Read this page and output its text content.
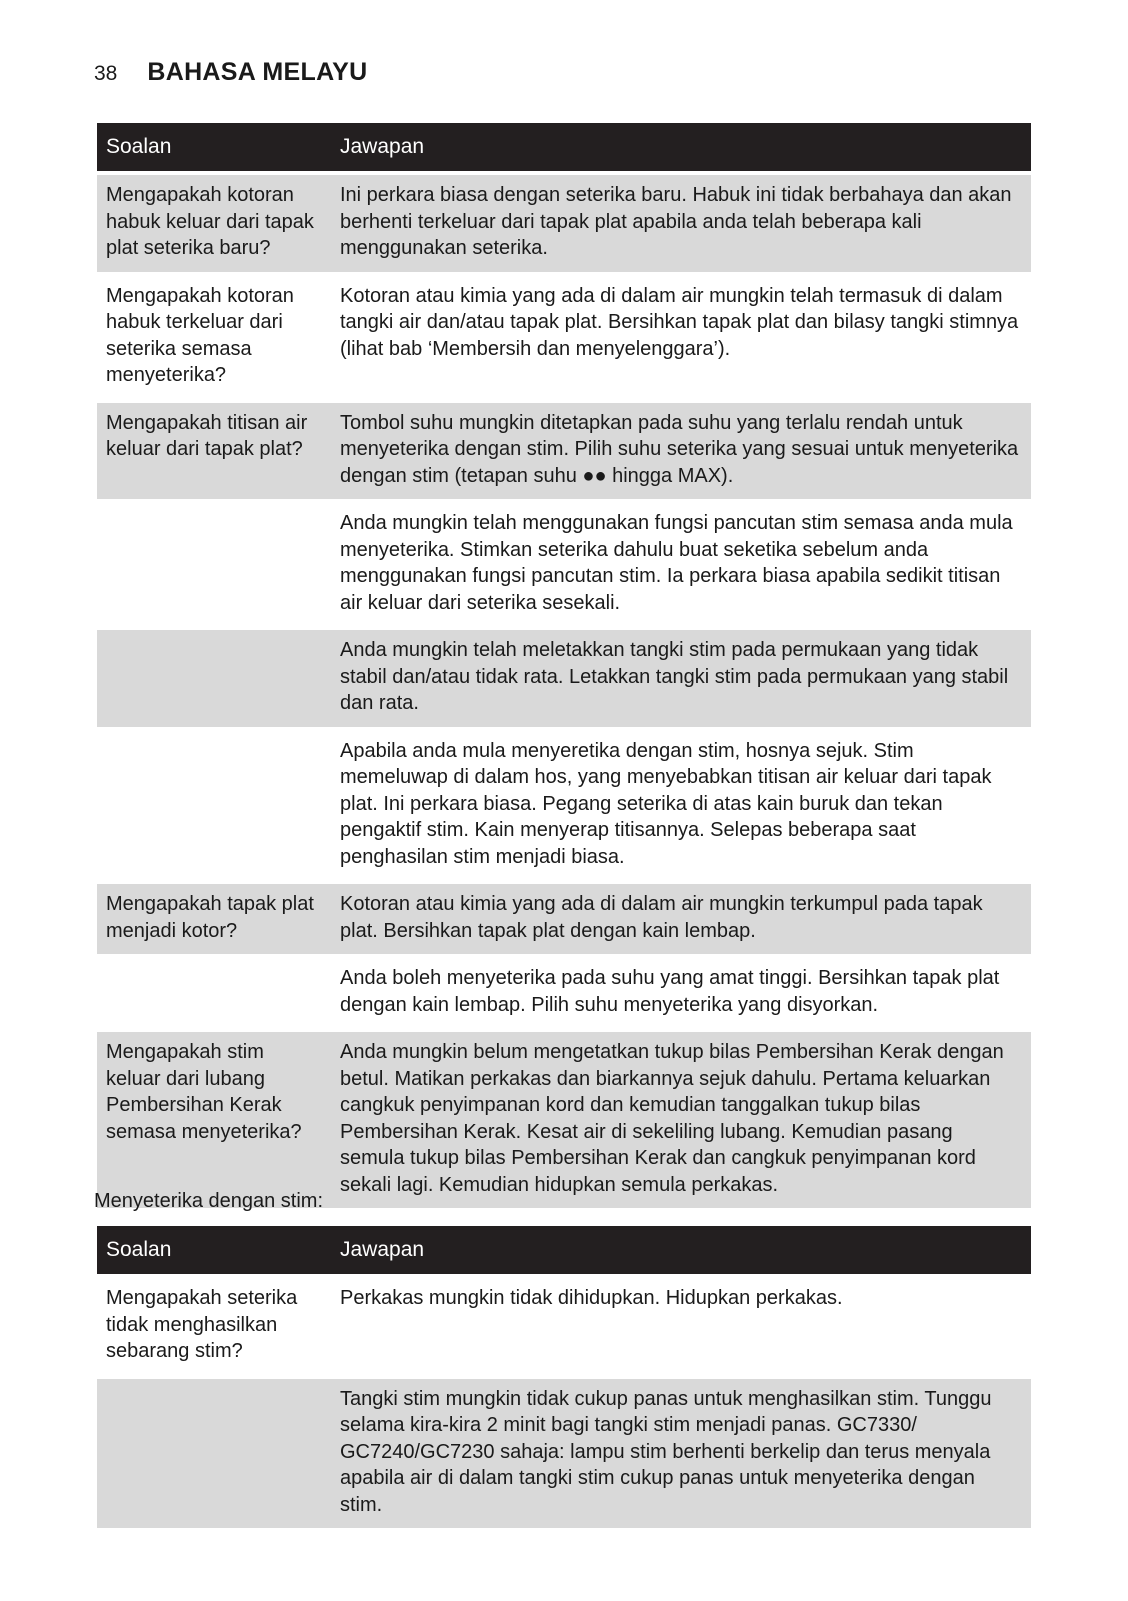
38 BAHASA MELAYU
Soalan	Jawapan
Mengapakah kotoran habuk keluar dari tapak plat seterika baru?	Ini perkara biasa dengan seterika baru. Habuk ini tidak berbahaya dan akan berhenti terkeluar dari tapak plat apabila anda telah beberapa kali menggunakan seterika.
Mengapakah kotoran habuk terkeluar dari seterika semasa menyeterika?	Kotoran atau kimia yang ada di dalam air mungkin telah termasuk di dalam tangki air dan/atau tapak plat. Bersihkan tapak plat dan bilasy tangki stimnya (lihat bab ‘Membersih dan menyelenggara’).
Mengapakah titisan air keluar dari tapak plat?	Tombol suhu mungkin ditetapkan pada suhu yang terlalu rendah untuk menyeterika dengan stim. Pilih suhu seterika yang sesuai untuk menyeterika dengan stim (tetapan suhu ●● hingga MAX).
	Anda mungkin telah menggunakan fungsi pancutan stim semasa anda mula menyeterika. Stimkan seterika dahulu buat seketika sebelum anda menggunakan fungsi pancutan stim. Ia perkara biasa apabila sedikit titisan air keluar dari seterika sesekali.
	Anda mungkin telah meletakkan tangki stim pada permukaan yang tidak stabil dan/atau tidak rata. Letakkan tangki stim pada permukaan yang stabil dan rata.
	Apabila anda mula menyeretika dengan stim, hosnya sejuk. Stim memeluwap di dalam hos, yang menyebabkan titisan air keluar dari tapak plat. Ini perkara biasa. Pegang seterika di atas kain buruk dan tekan pengaktif stim. Kain menyerap titisannya. Selepas beberapa saat penghasilan stim menjadi biasa.
Mengapakah tapak plat menjadi kotor?	Kotoran atau kimia yang ada di dalam air mungkin terkumpul pada tapak plat. Bersihkan tapak plat dengan kain lembap.
	Anda boleh menyeterika pada suhu yang amat tinggi. Bersihkan tapak plat dengan kain lembap. Pilih suhu menyeterika yang disyorkan.
Mengapakah stim keluar dari lubang Pembersihan Kerak semasa menyeterika?	Anda mungkin belum mengetatkan tukup bilas Pembersihan Kerak dengan betul. Matikan perkakas dan biarkannya sejuk dahulu. Pertama keluarkan cangkuk penyimpanan kord dan kemudian tanggalkan tukup bilas Pembersihan Kerak. Kesat air di sekeliling lubang. Kemudian pasang semula tukup bilas Pembersihan Kerak dan cangkuk penyimpanan kord sekali lagi. Kemudian hidupkan semula perkakas.
Menyeterika dengan stim:
Soalan	Jawapan
Mengapakah seterika tidak menghasilkan sebarang stim?	Perkakas mungkin tidak dihidupkan. Hidupkan perkakas.
	Tangki stim mungkin tidak cukup panas untuk menghasilkan stim. Tunggu selama kira-kira 2 minit bagi tangki stim menjadi panas. GC7330/ GC7240/GC7230 sahaja: lampu stim berhenti berkelip dan terus menyala apabila air di dalam tangki stim cukup panas untuk menyeterika dengan stim.
